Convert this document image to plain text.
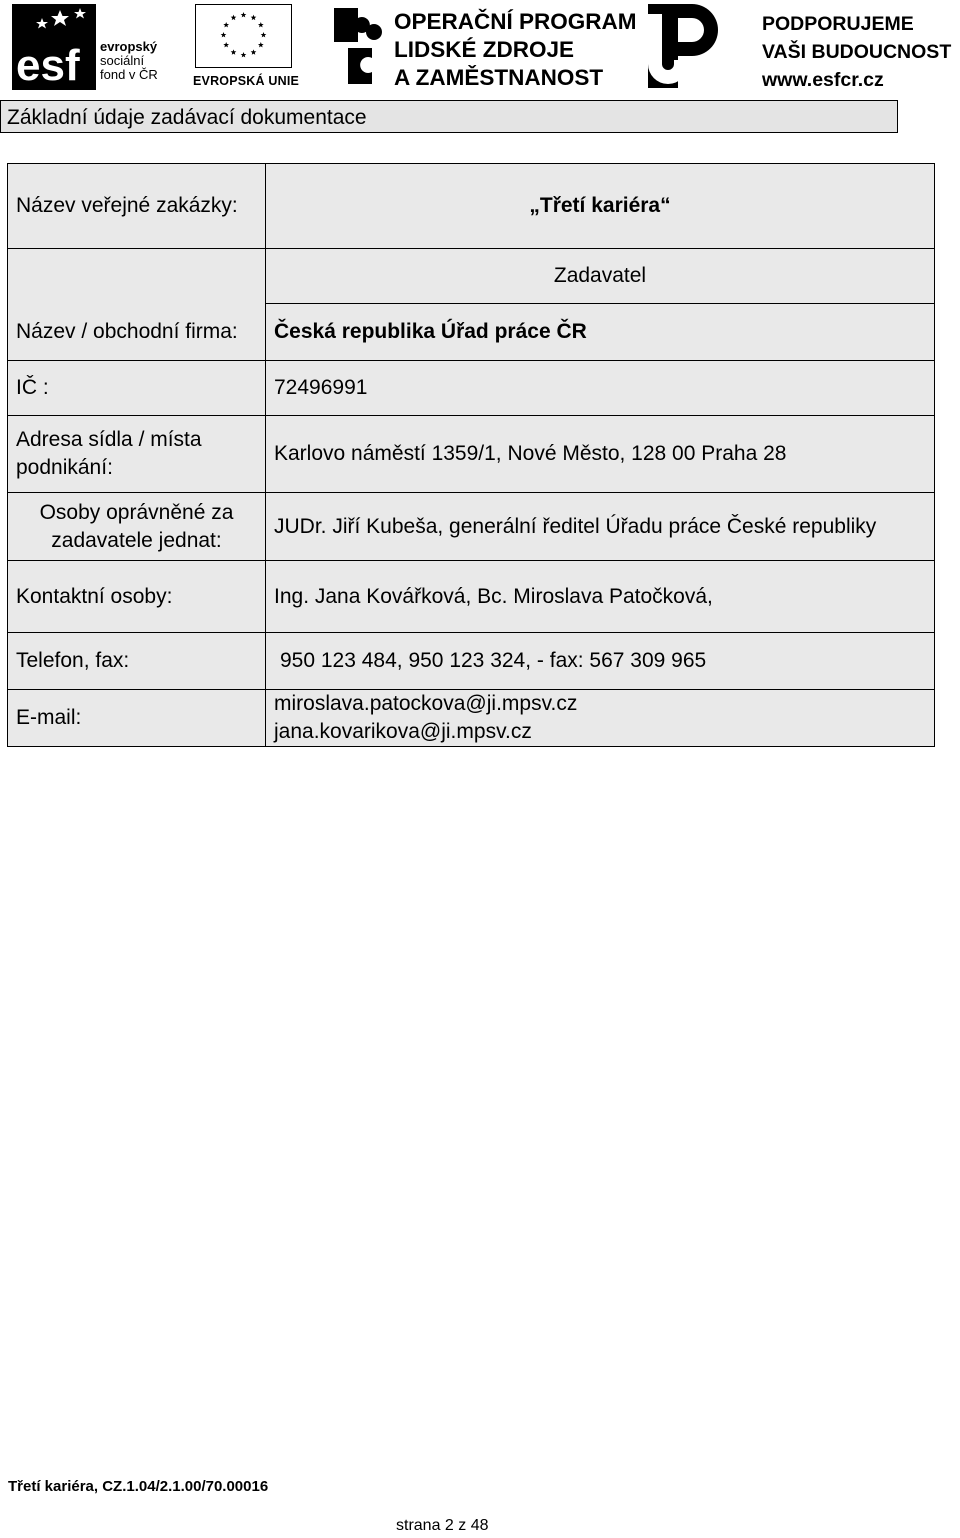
esf evropský
sociální
fond v ČR	EVROPSKÁ UNIE
OPERAČNÍ PROGRAM
LIDSKÉ ZDROJE
A ZAMĚSTNANOST
PODPORUJEME
VAŠI BUDOUCNOST
www.esfcr.cz
Základní údaje zadávací dokumentace
Název veřejné zakázky:	„Třetí kariéra“
	Zadavatel
Název / obchodní firma:	Česká republika Úřad práce ČR
IČ :	72496991
Adresa sídla / místa podnikání:	Karlovo náměstí 1359/1, Nové Město, 128 00 Praha 28
Osoby oprávněné za zadavatele jednat:	JUDr. Jiří Kubeša, generální ředitel Úřadu práce České republiky
Kontaktní osoby:	Ing. Jana Kovářková, Bc. Miroslava Patočková,
Telefon, fax:	950 123 484, 950 123 324, - fax: 567 309 965
E-mail:	miroslava.patockova@ji.mpsv.cz
jana.kovarikova@ji.mpsv.cz
Třetí kariéra, CZ.1.04/2.1.00/70.00016
strana 2 z 48
